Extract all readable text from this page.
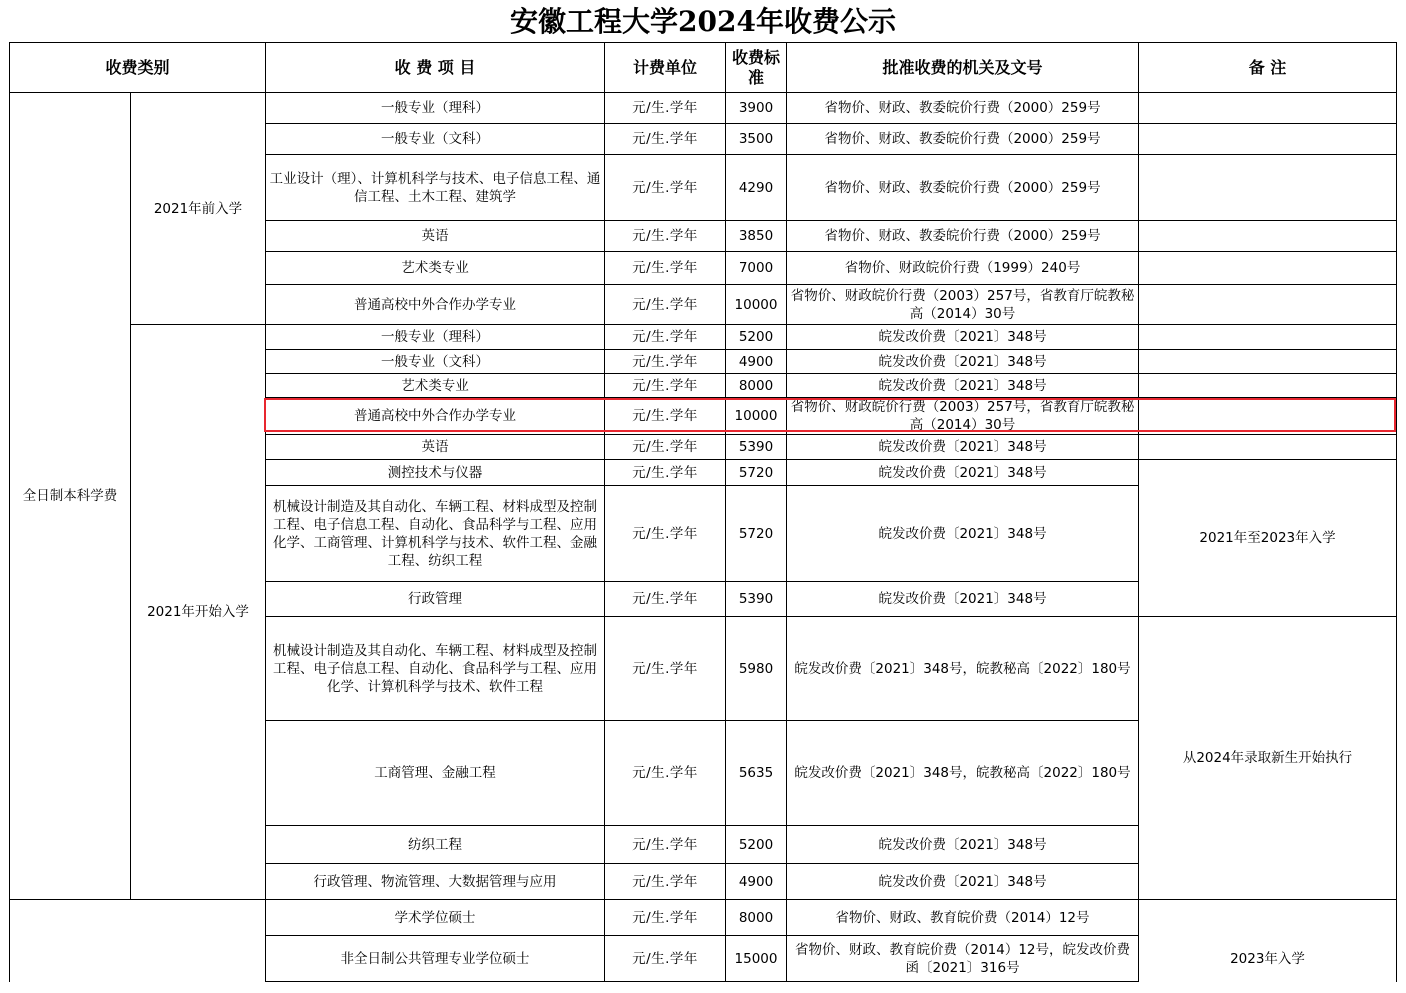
安徽工程大学2024年收费公示
收费类别		收 费 项 目	计费单位	收费标准	批准收费的机关及文号	备 注
全日制本科学费	2021年前入学	一般专业（理科）	元/生.学年	3900	省物价、财政、教委皖价行费（2000）259号	
		一般专业（文科）	元/生.学年	3500	省物价、财政、教委皖价行费（2000）259号	
		工业设计（理）、计算机科学与技术、电子信息工程、通信工程、土木工程、建筑学	元/生.学年	4290	省物价、财政、教委皖价行费（2000）259号	
		英语	元/生.学年	3850	省物价、财政、教委皖价行费（2000）259号	
		艺术类专业	元/生.学年	7000	省物价、财政皖价行费（1999）240号	
		普通高校中外合作办学专业	元/生.学年	10000	省物价、财政皖价行费（2003）257号，省教育厅皖教秘高（2014）30号	
	2021年开始入学	一般专业（理科）	元/生.学年	5200	皖发改价费〔2021〕348号	
		一般专业（文科）	元/生.学年	4900	皖发改价费〔2021〕348号	
		艺术类专业	元/生.学年	8000	皖发改价费〔2021〕348号	
		普通高校中外合作办学专业	元/生.学年	10000	省物价、财政皖价行费（2003）257号，省教育厅皖教秘高（2014）30号	
		英语	元/生.学年	5390	皖发改价费〔2021〕348号	
		测控技术与仪器	元/生.学年	5720	皖发改价费〔2021〕348号	2021年至2023年入学
		机械设计制造及其自动化、车辆工程、材料成型及控制工程、电子信息工程、自动化、食品科学与工程、应用化学、工商管理、计算机科学与技术、软件工程、金融工程、纺织工程	元/生.学年	5720	皖发改价费〔2021〕348号	
		行政管理	元/生.学年	5390	皖发改价费〔2021〕348号	
		机械设计制造及其自动化、车辆工程、材料成型及控制工程、电子信息工程、自动化、食品科学与工程、应用化学、计算机科学与技术、软件工程	元/生.学年	5980	皖发改价费〔2021〕348号，皖教秘高〔2022〕180号	从2024年录取新生开始执行
		工商管理、金融工程	元/生.学年	5635	皖发改价费〔2021〕348号，皖教秘高〔2022〕180号	
		纺织工程	元/生.学年	5200	皖发改价费〔2021〕348号	
		行政管理、物流管理、大数据管理与应用	元/生.学年	4900	皖发改价费〔2021〕348号	
		学术学位硕士	元/生.学年	8000	省物价、财政、教育皖价费（2014）12号	2023年入学

		非全日制公共管理专业学位硕士	元/生.学年	15000	省物价、财政、教育皖价费（2014）12号，皖发改价费函〔2021〕316号	
